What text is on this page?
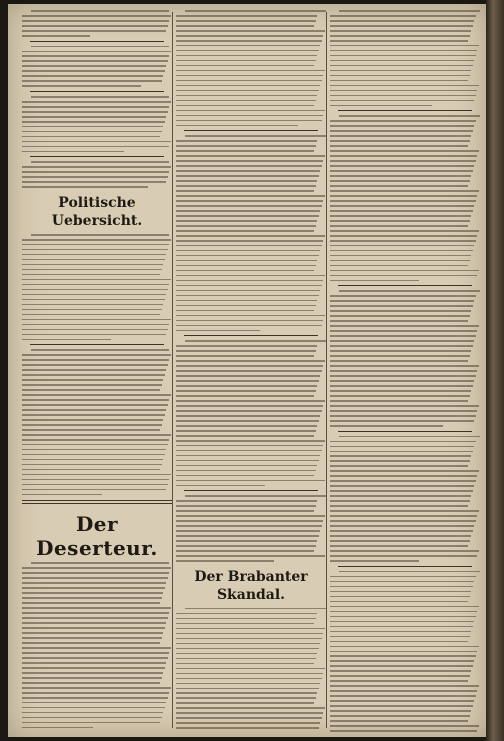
Politische Uebersicht.
Der Deserteur.
Der Brabanter Skandal.
